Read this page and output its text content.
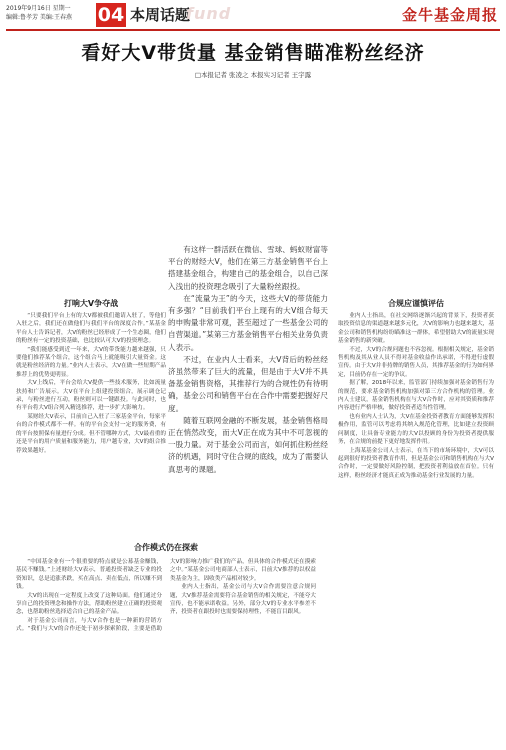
2019年9月16日 星期一
编辑:鲁孝芳 美编:王春燕 04 本周话题
fund	金牛基金周报
看好大V带货量 基金销售瞄准粉丝经济
□本报记者 张凌之 本报实习记者 王宇露

有这样一群活跃在微信、雪球、蚂蚁财富等平台的财经大V，他们在第三方基金销售平台上搭建基金组合，构建自己的基金组合，以自己深入浅出的投资理念吸引了大量粉丝跟投。

在“流量为王”的今天，这些大V的带货能力有多强？“目前我们平台上现有的大V组合每天的申购量非常可观，甚至超过了一些基金公司的自营渠道。”某第三方基金销售平台相关业务负责人表示。

不过，在业内人士看来，大V背后的粉丝经济虽然带来了巨大的流量，但是由于大V并不具备基金销售资格，其推荐行为的合规性仍有待明确，基金公司和销售平台在合作中需要把握好尺度。

随着互联网金融的不断发展，基金销售格局正在悄然改变，而大V正在成为其中不可忽视的一股力量。对于基金公司而言，如何抓住粉丝经济的机遇，同时守住合规的底线，成为了需要认真思考的课题。

打响大V争夺战

“只要我们平台上有的大V都被我们邀请入驻了，等他们入驻之后，我们还在做他们与我们平台的深度合作。”某基金平台人士告诉记者，大V的粉丝已经形成了一个生态圈，他们的粉丝有一定的投资基础，也比较认可大V的投资理念。

“我们能感受到近一年来，大V的带货能力越来越强，只要他们推荐某个组合，这个组合马上就能吸引大量资金。这就是粉丝经济的力量。”业内人士表示，大V在做一些短期产品推荐上的优势更明显。

大V上线后，平台会给大V提供一些技术服务，比如流量扶持和广告展示。大V在平台上组建投资组合，展示调仓记录，与粉丝进行互动，粉丝则可以一键跟投。与此同时，也有平台将大V组合列入精选推荐，进一步扩大影响力。

某财经大V表示，目前自己入驻了三家基金平台，每家平台的合作模式都不一样。有的平台会支付一定的服务费，有的平台按照保有量进行分成。但不管哪种方式，大V最看重的还是平台的用户质量和服务能力，用户越专业，大V的组合推荐效果越好。

合作模式仍在探索

“中国基金业有一个很重要的特点就是公募基金赚钱，基民不赚钱。”上述财经大V表示，普通投资者缺乏专业的投资知识，总是追涨杀跌，买在高点、卖在低点，所以赚不到钱。

大V的出现在一定程度上改变了这种局面。他们通过分享自己的投资理念和操作方法，帮助粉丝建立正确的投资观念，也帮助粉丝选择适合自己的基金产品。

对于基金公司而言，与大V合作也是一种新的营销方式。“我们与大V的合作还处于初步探索阶段，主要是借助大V的影响力推广我们的产品，但具体的合作模式还在摸索之中。”某基金公司电商部人士表示，目前大V推荐的以权益类基金为主，固收类产品相对较少。

业内人士指出，基金公司与大V合作需要注意合规问题，大V推荐基金需要符合基金销售的相关规定，不能夸大宣传，也不能承诺收益。另外，部分大V的专业水平参差不齐，投资者在跟投时也需要保持理性，不能盲目跟风。

合规应谨慎评估

业内人士指出，在社交网络逐渐兴起的背景下，投资者获取投资信息的渠道越来越多元化，大V的影响力也越来越大，基金公司和销售机构纷纷瞄准这一群体，希望借助大V的流量实现基金销售的新突破。

不过，大V的合规问题也不容忽视。根据相关规定，基金销售机构及其从业人员不得对基金收益作出承诺，不得进行虚假宣传。由于大V并非持牌的销售人员，其推荐基金的行为如何界定，目前仍存在一定的争议。

据了解，2018年以来，监管部门持续加强对基金销售行为的规范，要求基金销售机构加强对第三方合作机构的管理。业内人士建议，基金销售机构在与大V合作时，应对其资质和推荐内容进行严格审核，做好投资者适当性管理。

也有业内人士认为，大V在基金投资者教育方面能够发挥积极作用，监管可以考虑将其纳入规范化管理，比如建立投资顾问制度，让具备专业能力的大V以投顾的身份为投资者提供服务，在合规的前提下更好地发挥作用。

上海某基金公司人士表示，在当下的市场环境中，大V可以起到很好的投资者教育作用，但是基金公司和销售机构在与大V合作时，一定要做好风险控制，把投资者利益放在首位。只有这样，粉丝经济才能真正成为推动基金行业发展的力量。
